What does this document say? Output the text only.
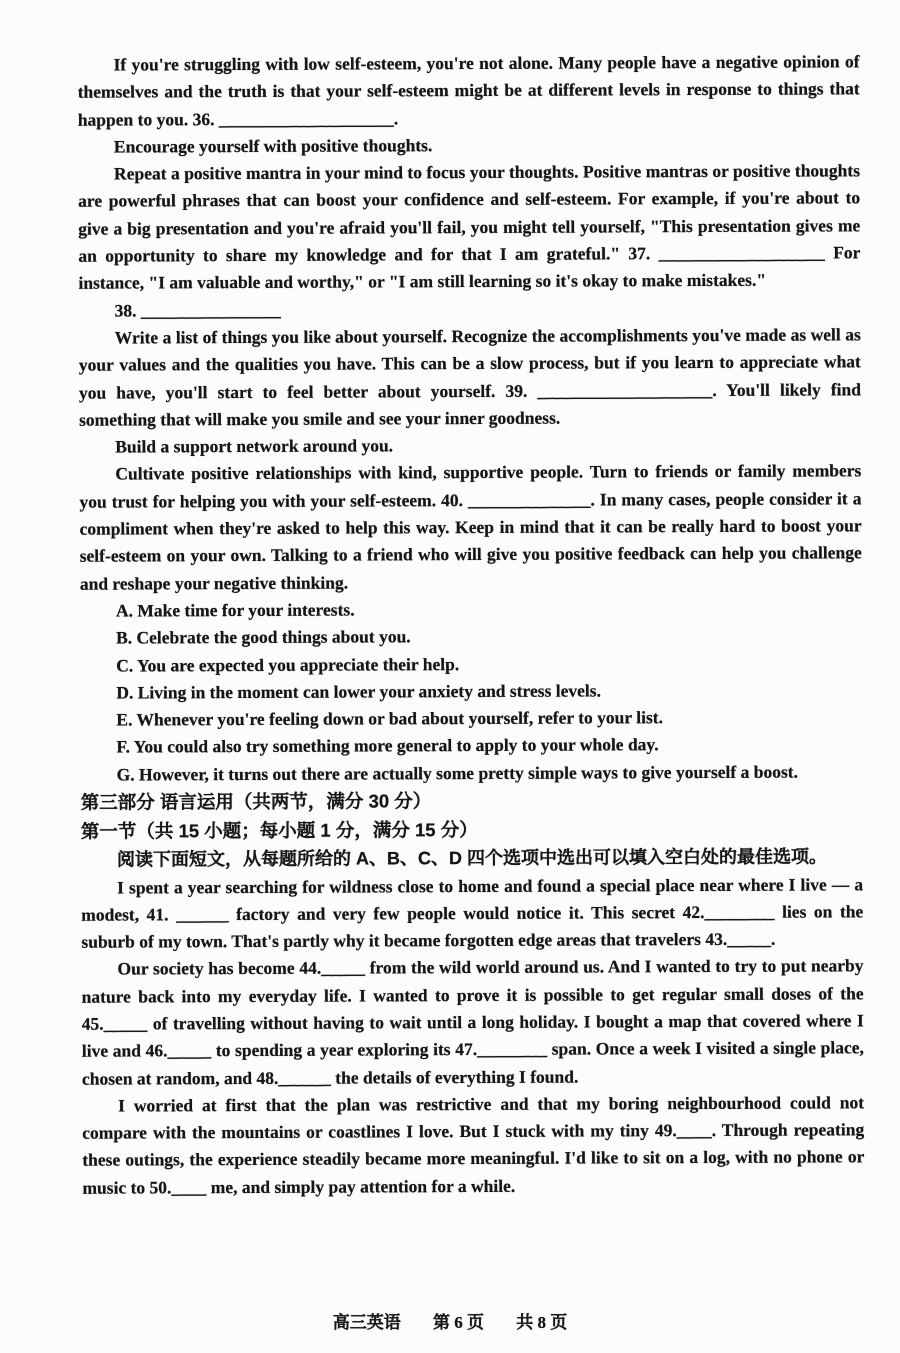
If you're struggling with low self-esteem, you're not alone. Many people have a negative opinion of themselves and the truth is that your self-esteem might be at different levels in response to things that happen to you. 36. ____________________.

Encourage yourself with positive thoughts.

Repeat a positive mantra in your mind to focus your thoughts. Positive mantras or positive thoughts are powerful phrases that can boost your confidence and self-esteem. For example, if you're about to give a big presentation and you're afraid you'll fail, you might tell yourself, "This presentation gives me an opportunity to share my knowledge and for that I am grateful." 37. ___________________ For instance, "I am valuable and worthy," or "I am still learning so it's okay to make mistakes."

38. ________________

Write a list of things you like about yourself. Recognize the accomplishments you've made as well as your values and the qualities you have. This can be a slow process, but if you learn to appreciate what you have, you'll start to feel better about yourself. 39. ____________________. You'll likely find something that will make you smile and see your inner goodness.

Build a support network around you.

Cultivate positive relationships with kind, supportive people. Turn to friends or family members you trust for helping you with your self-esteem. 40. ______________. In many cases, people consider it a compliment when they're asked to help this way. Keep in mind that it can be really hard to boost your self-esteem on your own. Talking to a friend who will give you positive feedback can help you challenge and reshape your negative thinking.

A. Make time for your interests.

B. Celebrate the good things about you.

C. You are expected you appreciate their help.

D. Living in the moment can lower your anxiety and stress levels.

E. Whenever you're feeling down or bad about yourself, refer to your list.

F. You could also try something more general to apply to your whole day.

G. However, it turns out there are actually some pretty simple ways to give yourself a boost.

第三部分 语言运用（共两节，满分 30 分）

第一节（共 15 小题；每小题 1 分，满分 15 分）

阅读下面短文，从每题所给的 A、B、C、D 四个选项中选出可以填入空白处的最佳选项。

I spent a year searching for wildness close to home and found a special place near where I live — a modest, 41. ______ factory and very few people would notice it. This secret 42.________ lies on the suburb of my town. That's partly why it became forgotten edge areas that travelers 43._____.

Our society has become 44._____ from the wild world around us. And I wanted to try to put nearby nature back into my everyday life. I wanted to prove it is possible to get regular small doses of the 45._____ of travelling without having to wait until a long holiday. I bought a map that covered where I live and 46._____ to spending a year exploring its 47.________ span. Once a week I visited a single place, chosen at random, and 48.______ the details of everything I found.

I worried at first that the plan was restrictive and that my boring neighbourhood could not compare with the mountains or coastlines I love. But I stuck with my tiny 49.____. Through repeating these outings, the experience steadily became more meaningful. I'd like to sit on a log, with no phone or music to 50.____ me, and simply pay attention for a while.

高三英语 第 6 页 共 8 页
